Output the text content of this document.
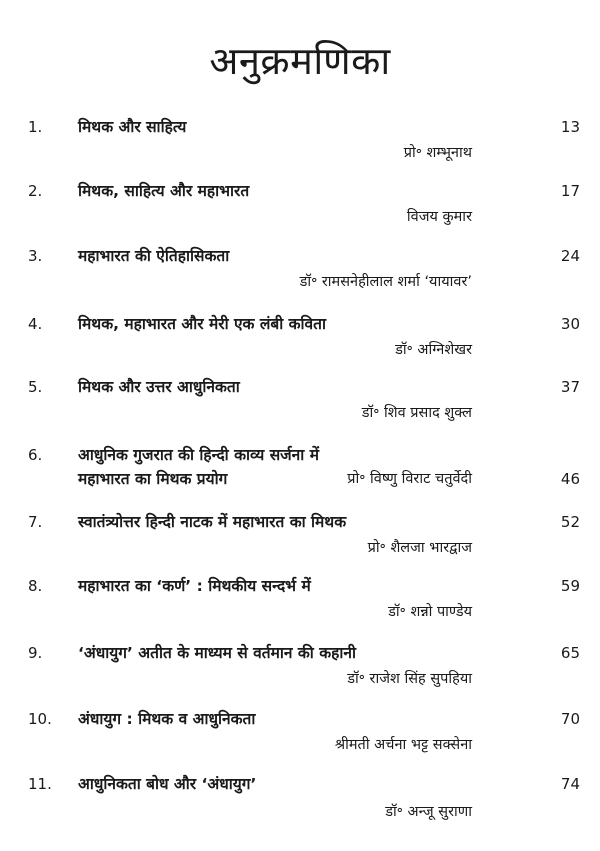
अनुक्रमणिका
1. मिथक और साहित्य	13
प्रो॰ शम्भूनाथ
2. मिथक, साहित्य और महाभारत	17
विजय कुमार
3. महाभारत की ऐतिहासिकता	24
डॉ॰ रामसनेहीलाल शर्मा ‘यायावर’
4. मिथक, महाभारत और मेरी एक लंबी कविता	30
डॉ॰ अग्निशेखर
5. मिथक और उत्तर आधुनिकता	37
डॉ॰ शिव प्रसाद शुक्ल
6. आधुनिक गुजरात की हिन्दी काव्य सर्जना में
महाभारत का मिथक प्रयोग	46
प्रो॰ विष्णु विराट चतुर्वेदी
7. स्वातंत्र्योत्तर हिन्दी नाटक में महाभारत का मिथक	52
प्रो॰ शैलजा भारद्वाज
8. महाभारत का ‘कर्ण’ : मिथकीय सन्दर्भ में	59
डॉ॰ शन्नो पाण्डेय
9. ‘अंधायुग’ अतीत के माध्यम से वर्तमान की कहानी	65
डॉ॰ राजेश सिंह सुपहिया
10. अंधायुग : मिथक व आधुनिकता	70
श्रीमती अर्चना भट्ट सक्सेना
11. आधुनिकता बोध और ‘अंधायुग’	74
डॉ॰ अन्जू सुराणा
